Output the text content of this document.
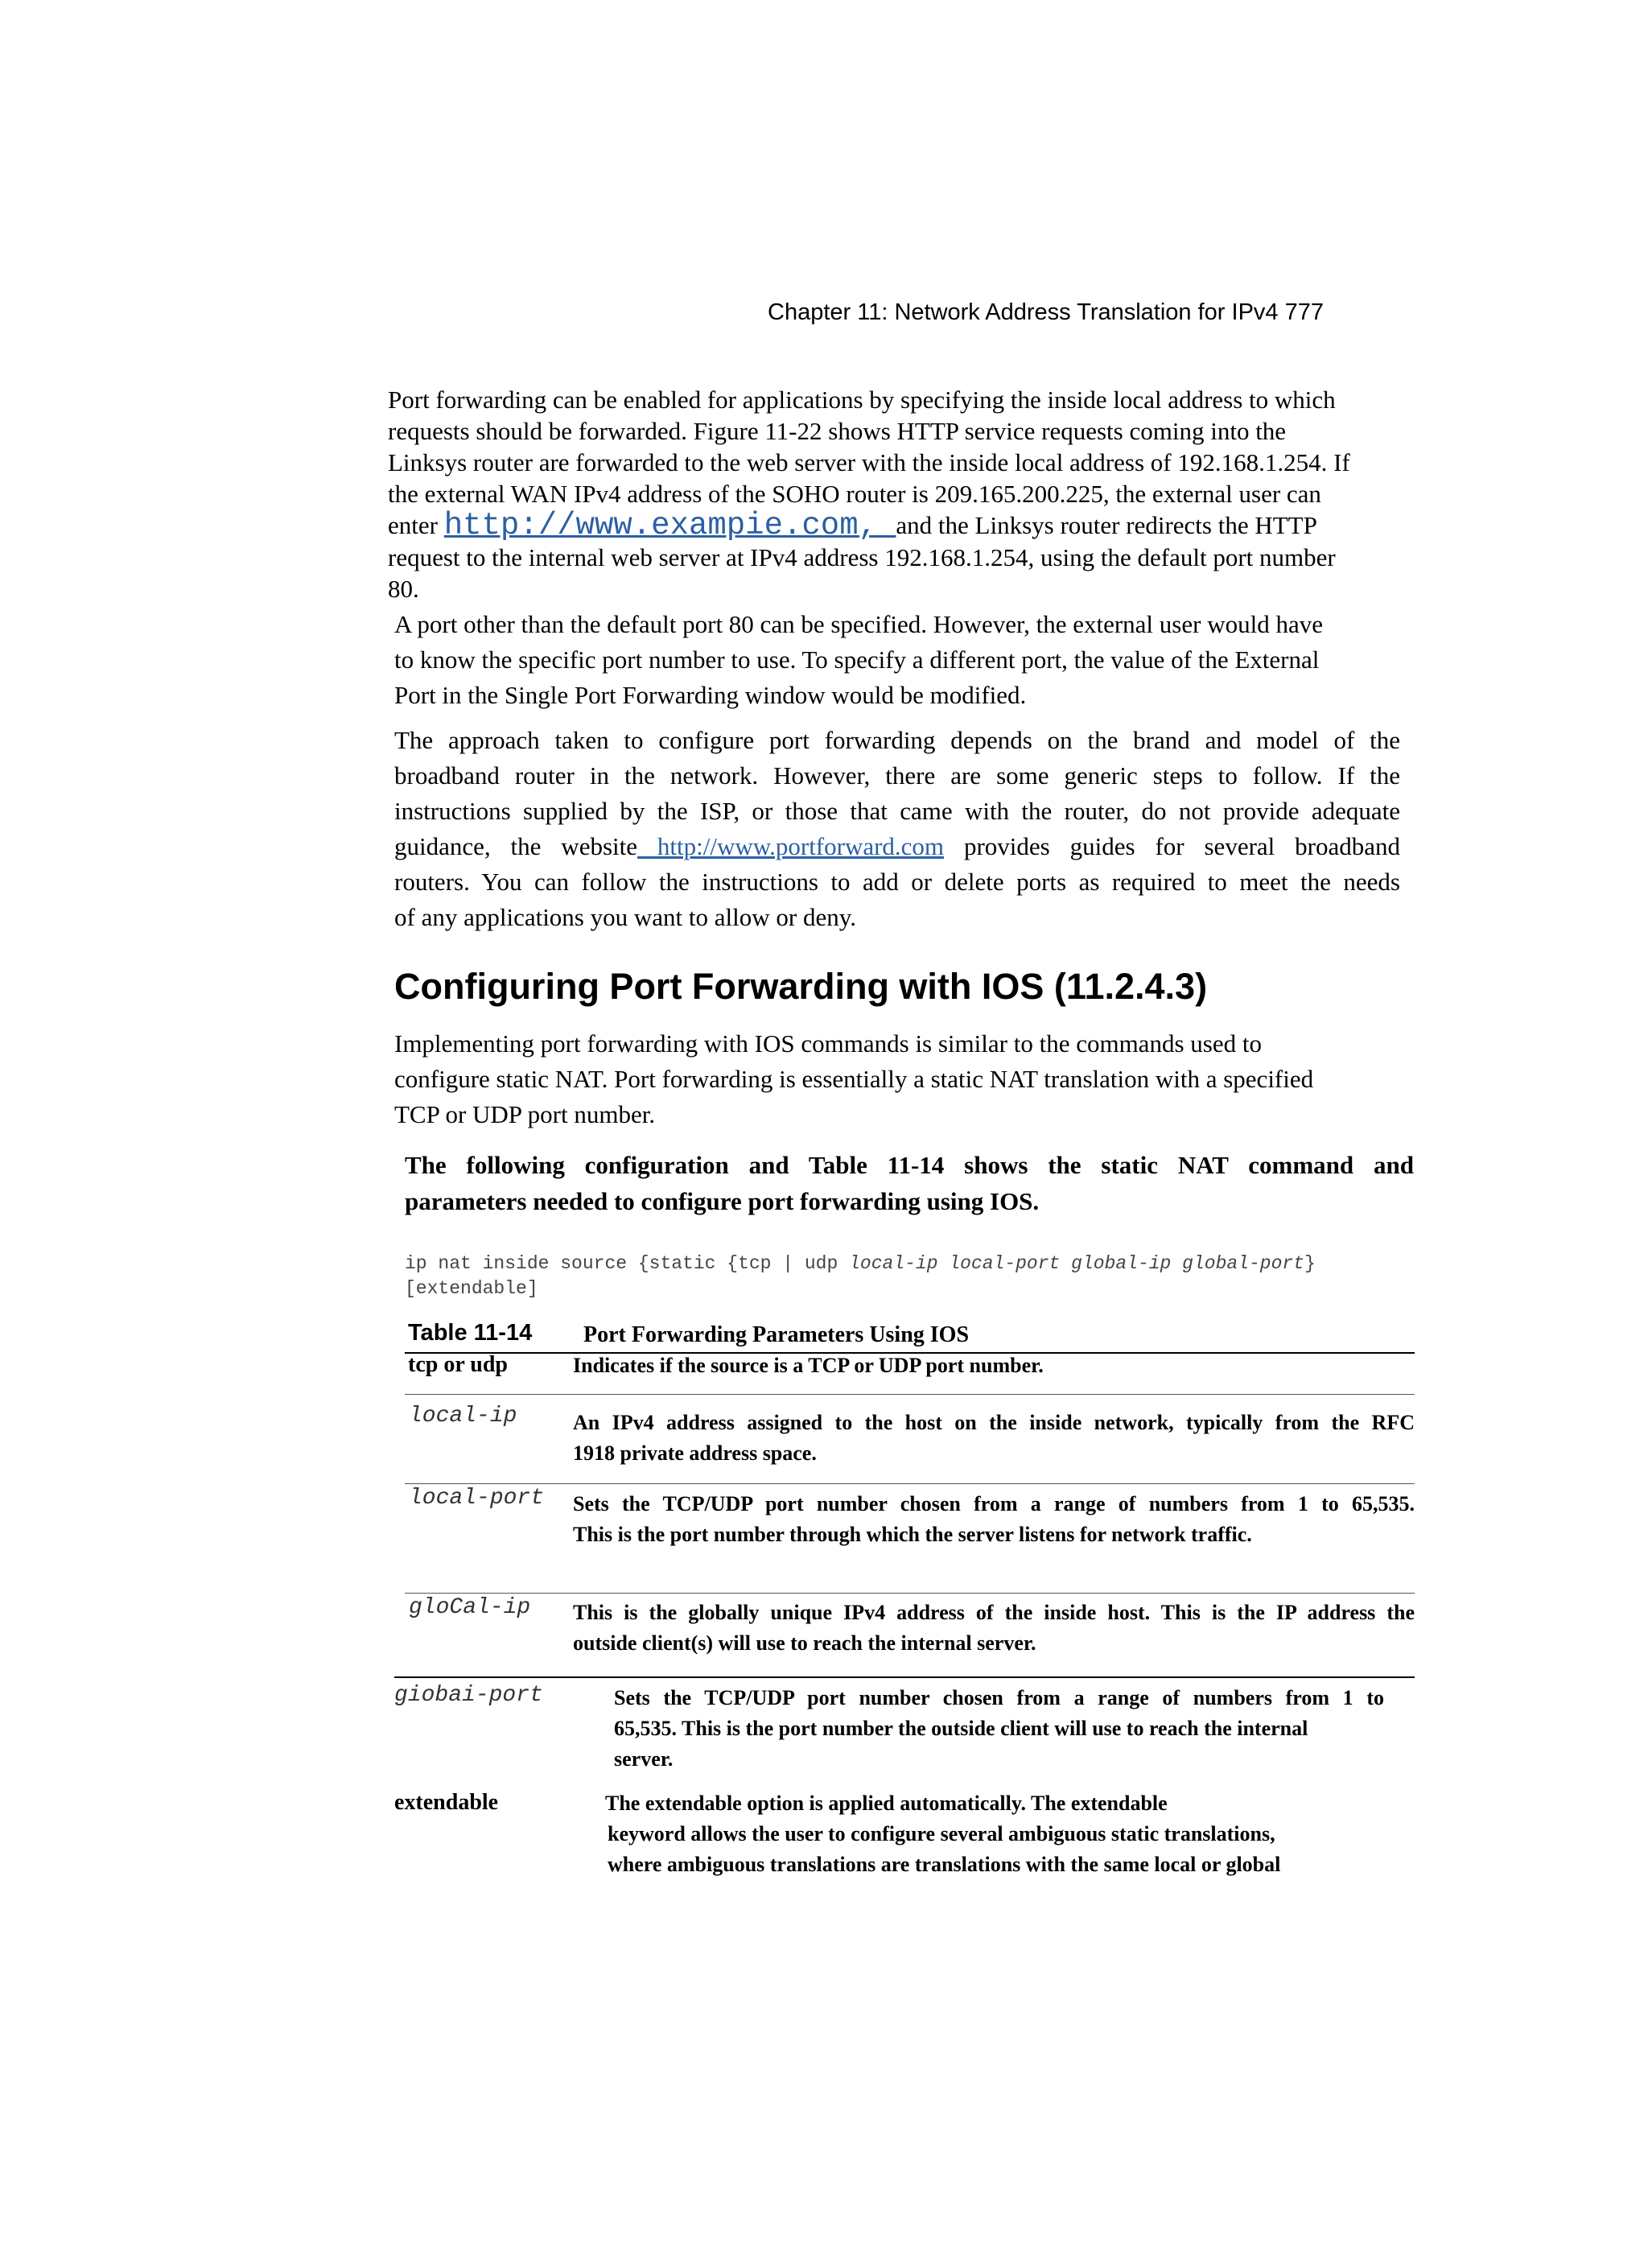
Chapter 11: Network Address Translation for IPv4 777
Port forwarding can be enabled for applications by specifying the inside local address to which
requests should be forwarded. Figure 11-22 shows HTTP service requests coming into the
Linksys router are forwarded to the web server with the inside local address of 192.168.1.254. If
the external WAN IPv4 address of the SOHO router is 209.165.200.225, the external user can
enter http://www.exampie.com, and the Linksys router redirects the HTTP
request to the internal web server at IPv4 address 192.168.1.254, using the default port number
80.
A port other than the default port 80 can be specified. However, the external user would have
to know the specific port number to use. To specify a different port, the value of the External
Port in the Single Port Forwarding window would be modified.
The approach taken to configure port forwarding depends on the brand and model of the
broadband router in the network. However, there are some generic steps to follow. If the
instructions supplied by the ISP, or those that came with the router, do not provide adequate
guidance, the website http://www.portforward.com provides guides for several broadband
routers. You can follow the instructions to add or delete ports as required to meet the needs
of any applications you want to allow or deny.
Configuring Port Forwarding with IOS (11.2.4.3)
Implementing port forwarding with IOS commands is similar to the commands used to
configure static NAT. Port forwarding is essentially a static NAT translation with a specified
TCP or UDP port number.
The following configuration and Table 11-14 shows the static NAT command and
parameters needed to configure port forwarding using IOS.
ip nat inside source {static {tcp | udp local-ip local-port global-ip global-port}
[extendable]
Table 11-14 Port Forwarding Parameters Using IOS
tcp or udp	Indicates if the source is a TCP or UDP port number.
local-ip	An IPv4 address assigned to the host on the inside network, typically from the RFC
1918 private address space.
local-port Sets the TCP/UDP port number chosen from a range of numbers from 1 to 65,535.
This is the port number through which the server listens for network traffic.
gloCal-ip This is the globally unique IPv4 address of the inside host. This is the IP address the
outside client(s) will use to reach the internal server.
giobai-port	Sets the TCP/UDP port number chosen from a range of numbers from 1 to
65,535. This is the port number the outside client will use to reach the internal
server.
extendable	The extendable option is applied automatically. The extendable
keyword allows the user to configure several ambiguous static translations,
where ambiguous translations are translations with the same local or global
